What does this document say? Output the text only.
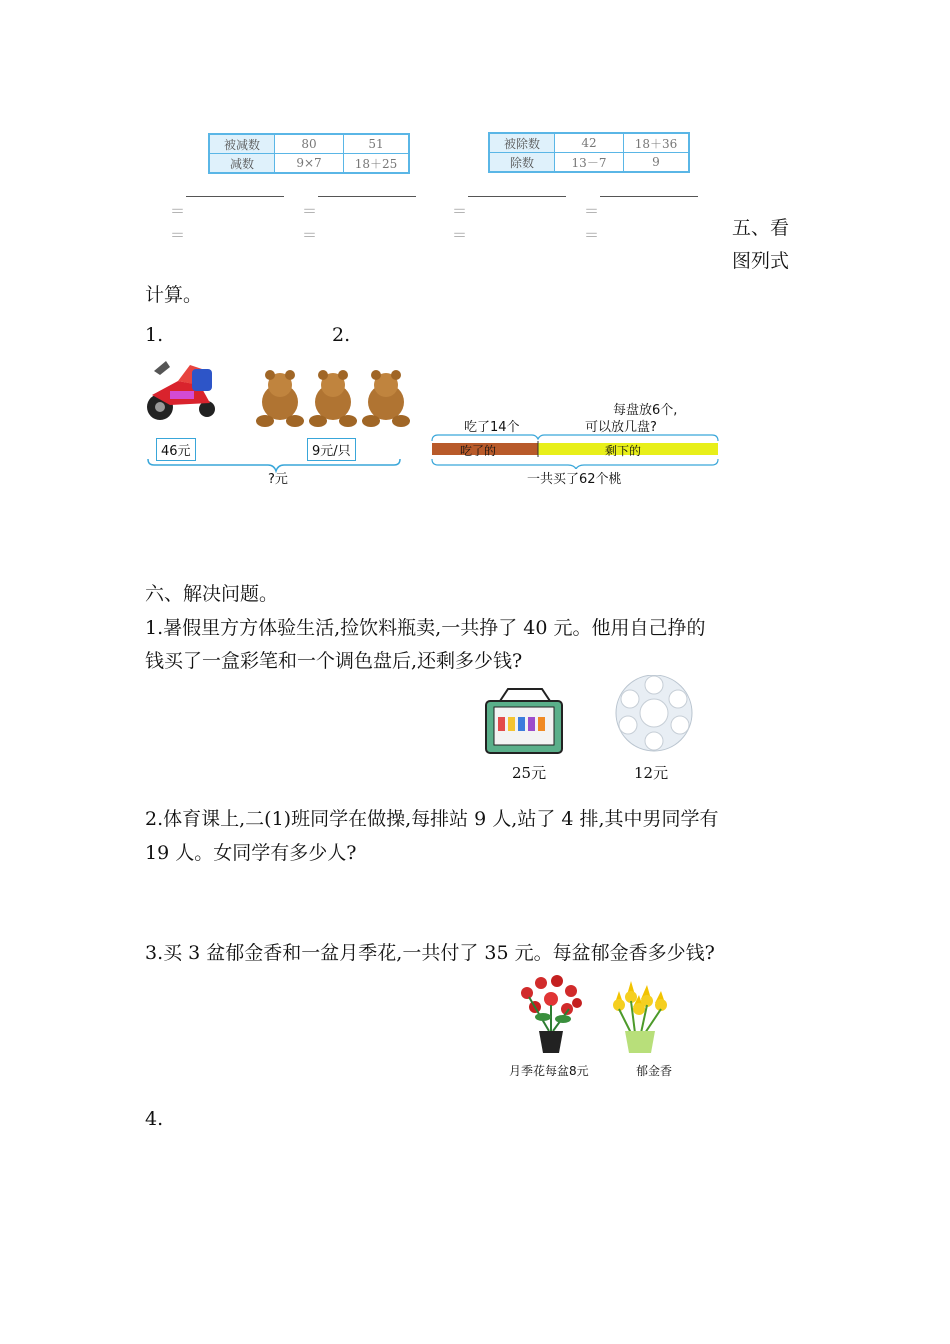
被减数	80	51
减数	9×7	18＋25
被除数	42	18＋36
除数	13－7	9
＝	＝	＝	＝
＝	＝	＝	＝	五、看
图列式
计算。
1.	2.
46元	9元/只
?元
每盘放6个,
可以放几盘?
吃了14个
吃了的	剩下的
一共买了62个桃
六、解决问题。
1.暑假里方方体验生活,捡饮料瓶卖,一共挣了 40 元。他用自己挣的
钱买了一盒彩笔和一个调色盘后,还剩多少钱?
25元	12元
2.体育课上,二(1)班同学在做操,每排站 9 人,站了 4 排,其中男同学有
19 人。女同学有多少人?
3.买 3 盆郁金香和一盆月季花,一共付了 35 元。每盆郁金香多少钱?
月季花每盆8元	郁金香
4.
